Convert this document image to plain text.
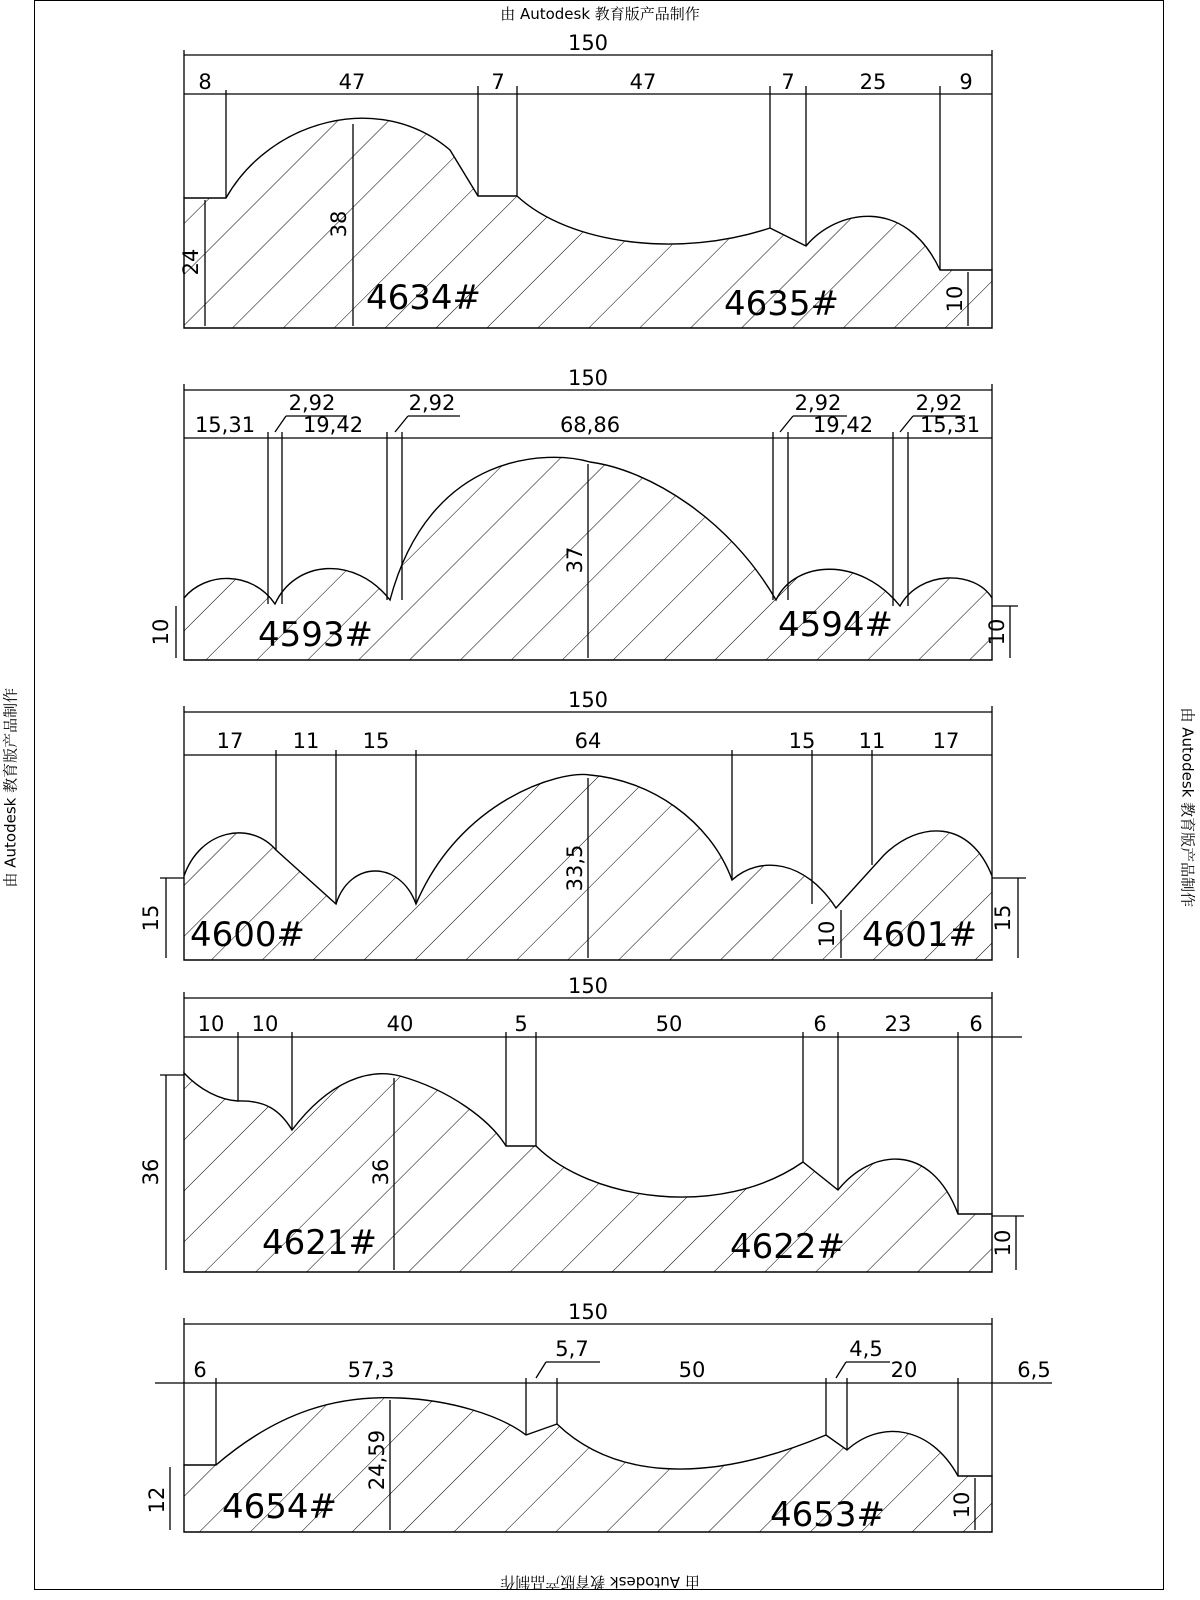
由 Autodesk 教育版产品制作
由 Autodesk 教育版产品制作
由 Autodesk 教育版产品制作	由 Autodesk 教育版产品制作
150
8	47	7	47	7	25	9
24
38
10
4634#	4635#
150
15,31
2,92
19,42
2,92
68,86
2,92
19,42
2,92
15,31
10
37
10
4593#	4594#
150
17 11 15	64	15 11 17
15
33,5
10
15
4600#	4601#
150
10 10	40	5	50	6	23	6
36	36
10
4621#	4622#
150
6	57,3
5,7
50
4,5
20	6,5
12
24,59
10
4654#	4653#
